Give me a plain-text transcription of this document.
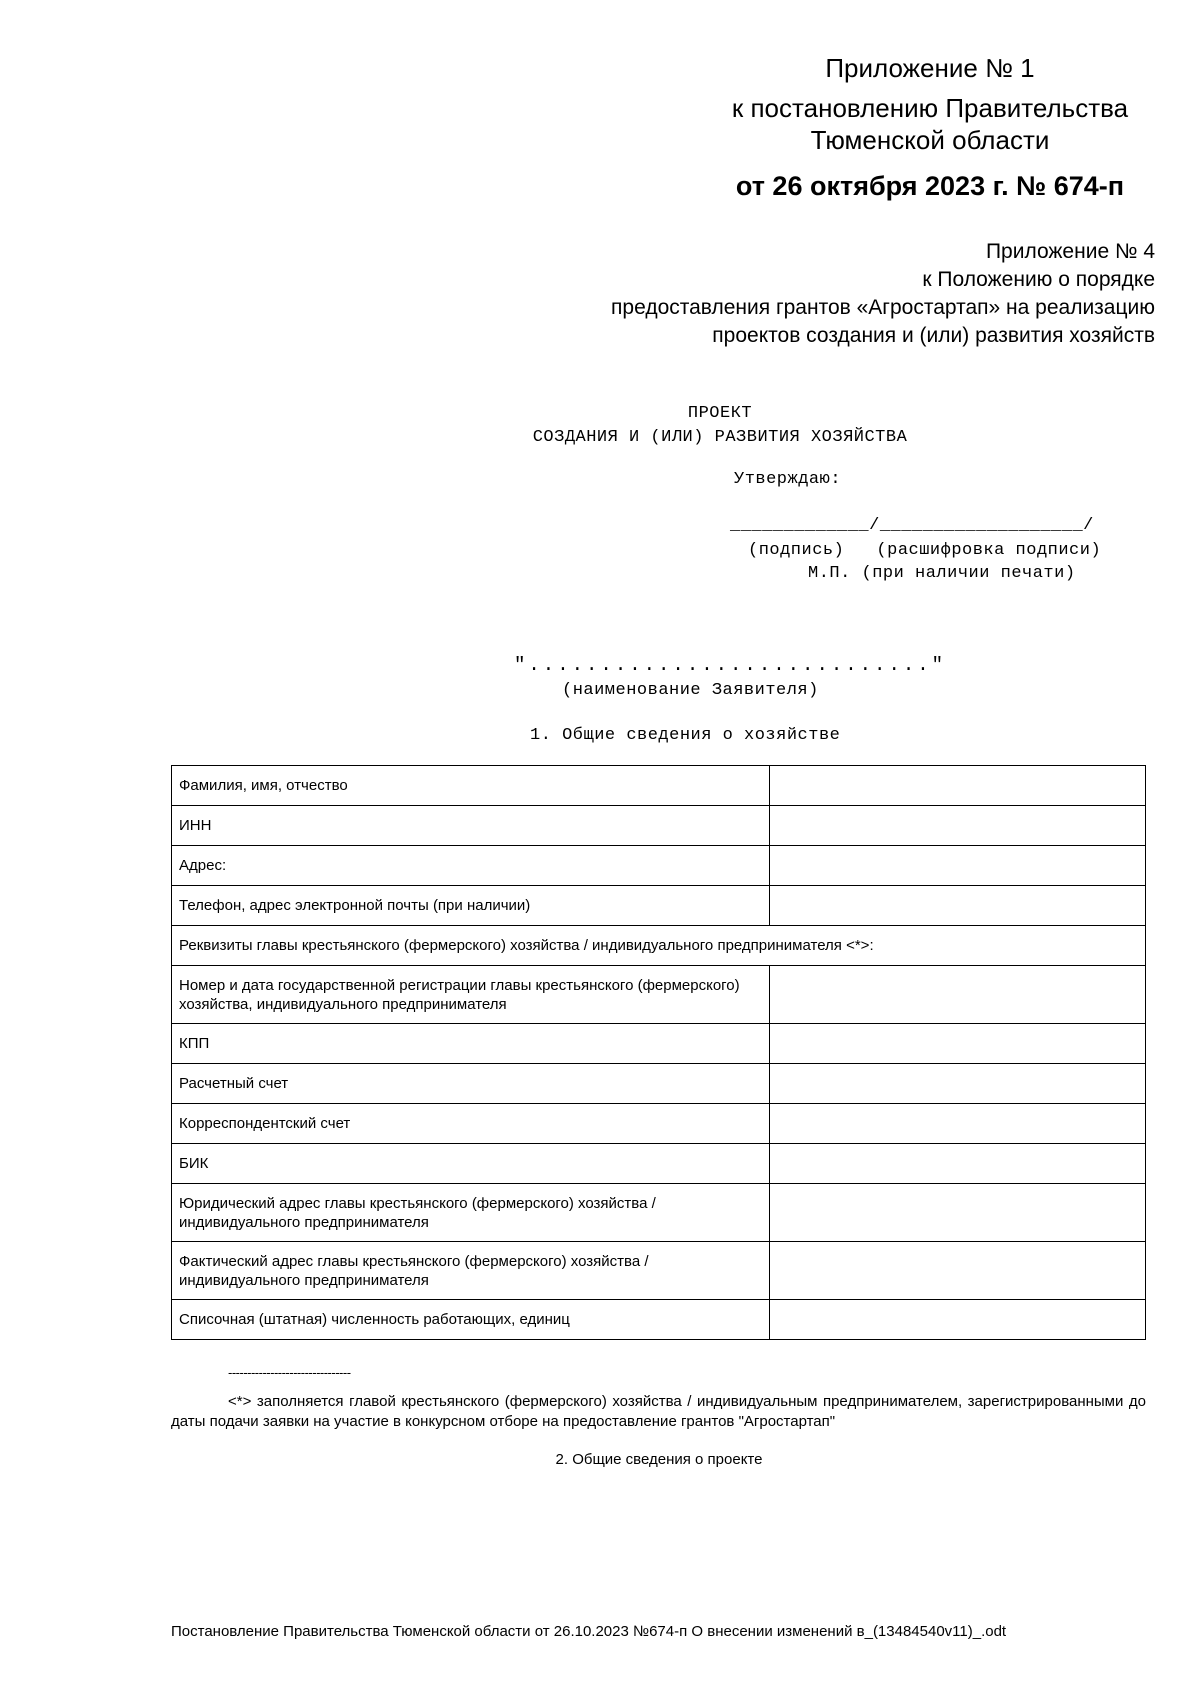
Приложение № 1
к постановлению Правительства
Тюменской области
от 26 октября 2023 г. № 674-п
Приложение № 4
к Положению о порядке
предоставления грантов «Агростартап» на реализацию
проектов создания и (или) развития хозяйств
ПРОЕКТ
СОЗДАНИЯ И (ИЛИ) РАЗВИТИЯ ХОЗЯЙСТВА
Утверждаю:
_____________/___________________/
(подпись)   (расшифровка подписи)
М.П. (при наличии печати)
"............................"
(наименование Заявителя)
1. Общие сведения о хозяйстве
Фамилия, имя, отчество	
ИНН	
Адрес:	
Телефон, адрес электронной почты (при наличии)	
Реквизиты главы крестьянского (фермерского) хозяйства / индивидуального предпринимателя <*>:	
Номер и дата государственной регистрации главы крестьянского (фермерского) хозяйства, индивидуального предпринимателя	
КПП	
Расчетный счет	
Корреспондентский счет	
БИК	
Юридический адрес главы крестьянского (фермерского) хозяйства / индивидуального предпринимателя	
Фактический адрес главы крестьянского (фермерского) хозяйства / индивидуального предпринимателя	
Списочная (штатная) численность работающих, единиц	
--------------------------------
<*> заполняется главой крестьянского (фермерского) хозяйства / индивидуальным предпринимателем, зарегистрированными до даты подачи заявки на участие в конкурсном отборе на предоставление грантов "Агростартап"
2. Общие сведения о проекте
Постановление Правительства Тюменской области от 26.10.2023 №674-п О внесении изменений в_(13484540v11)_.odt
